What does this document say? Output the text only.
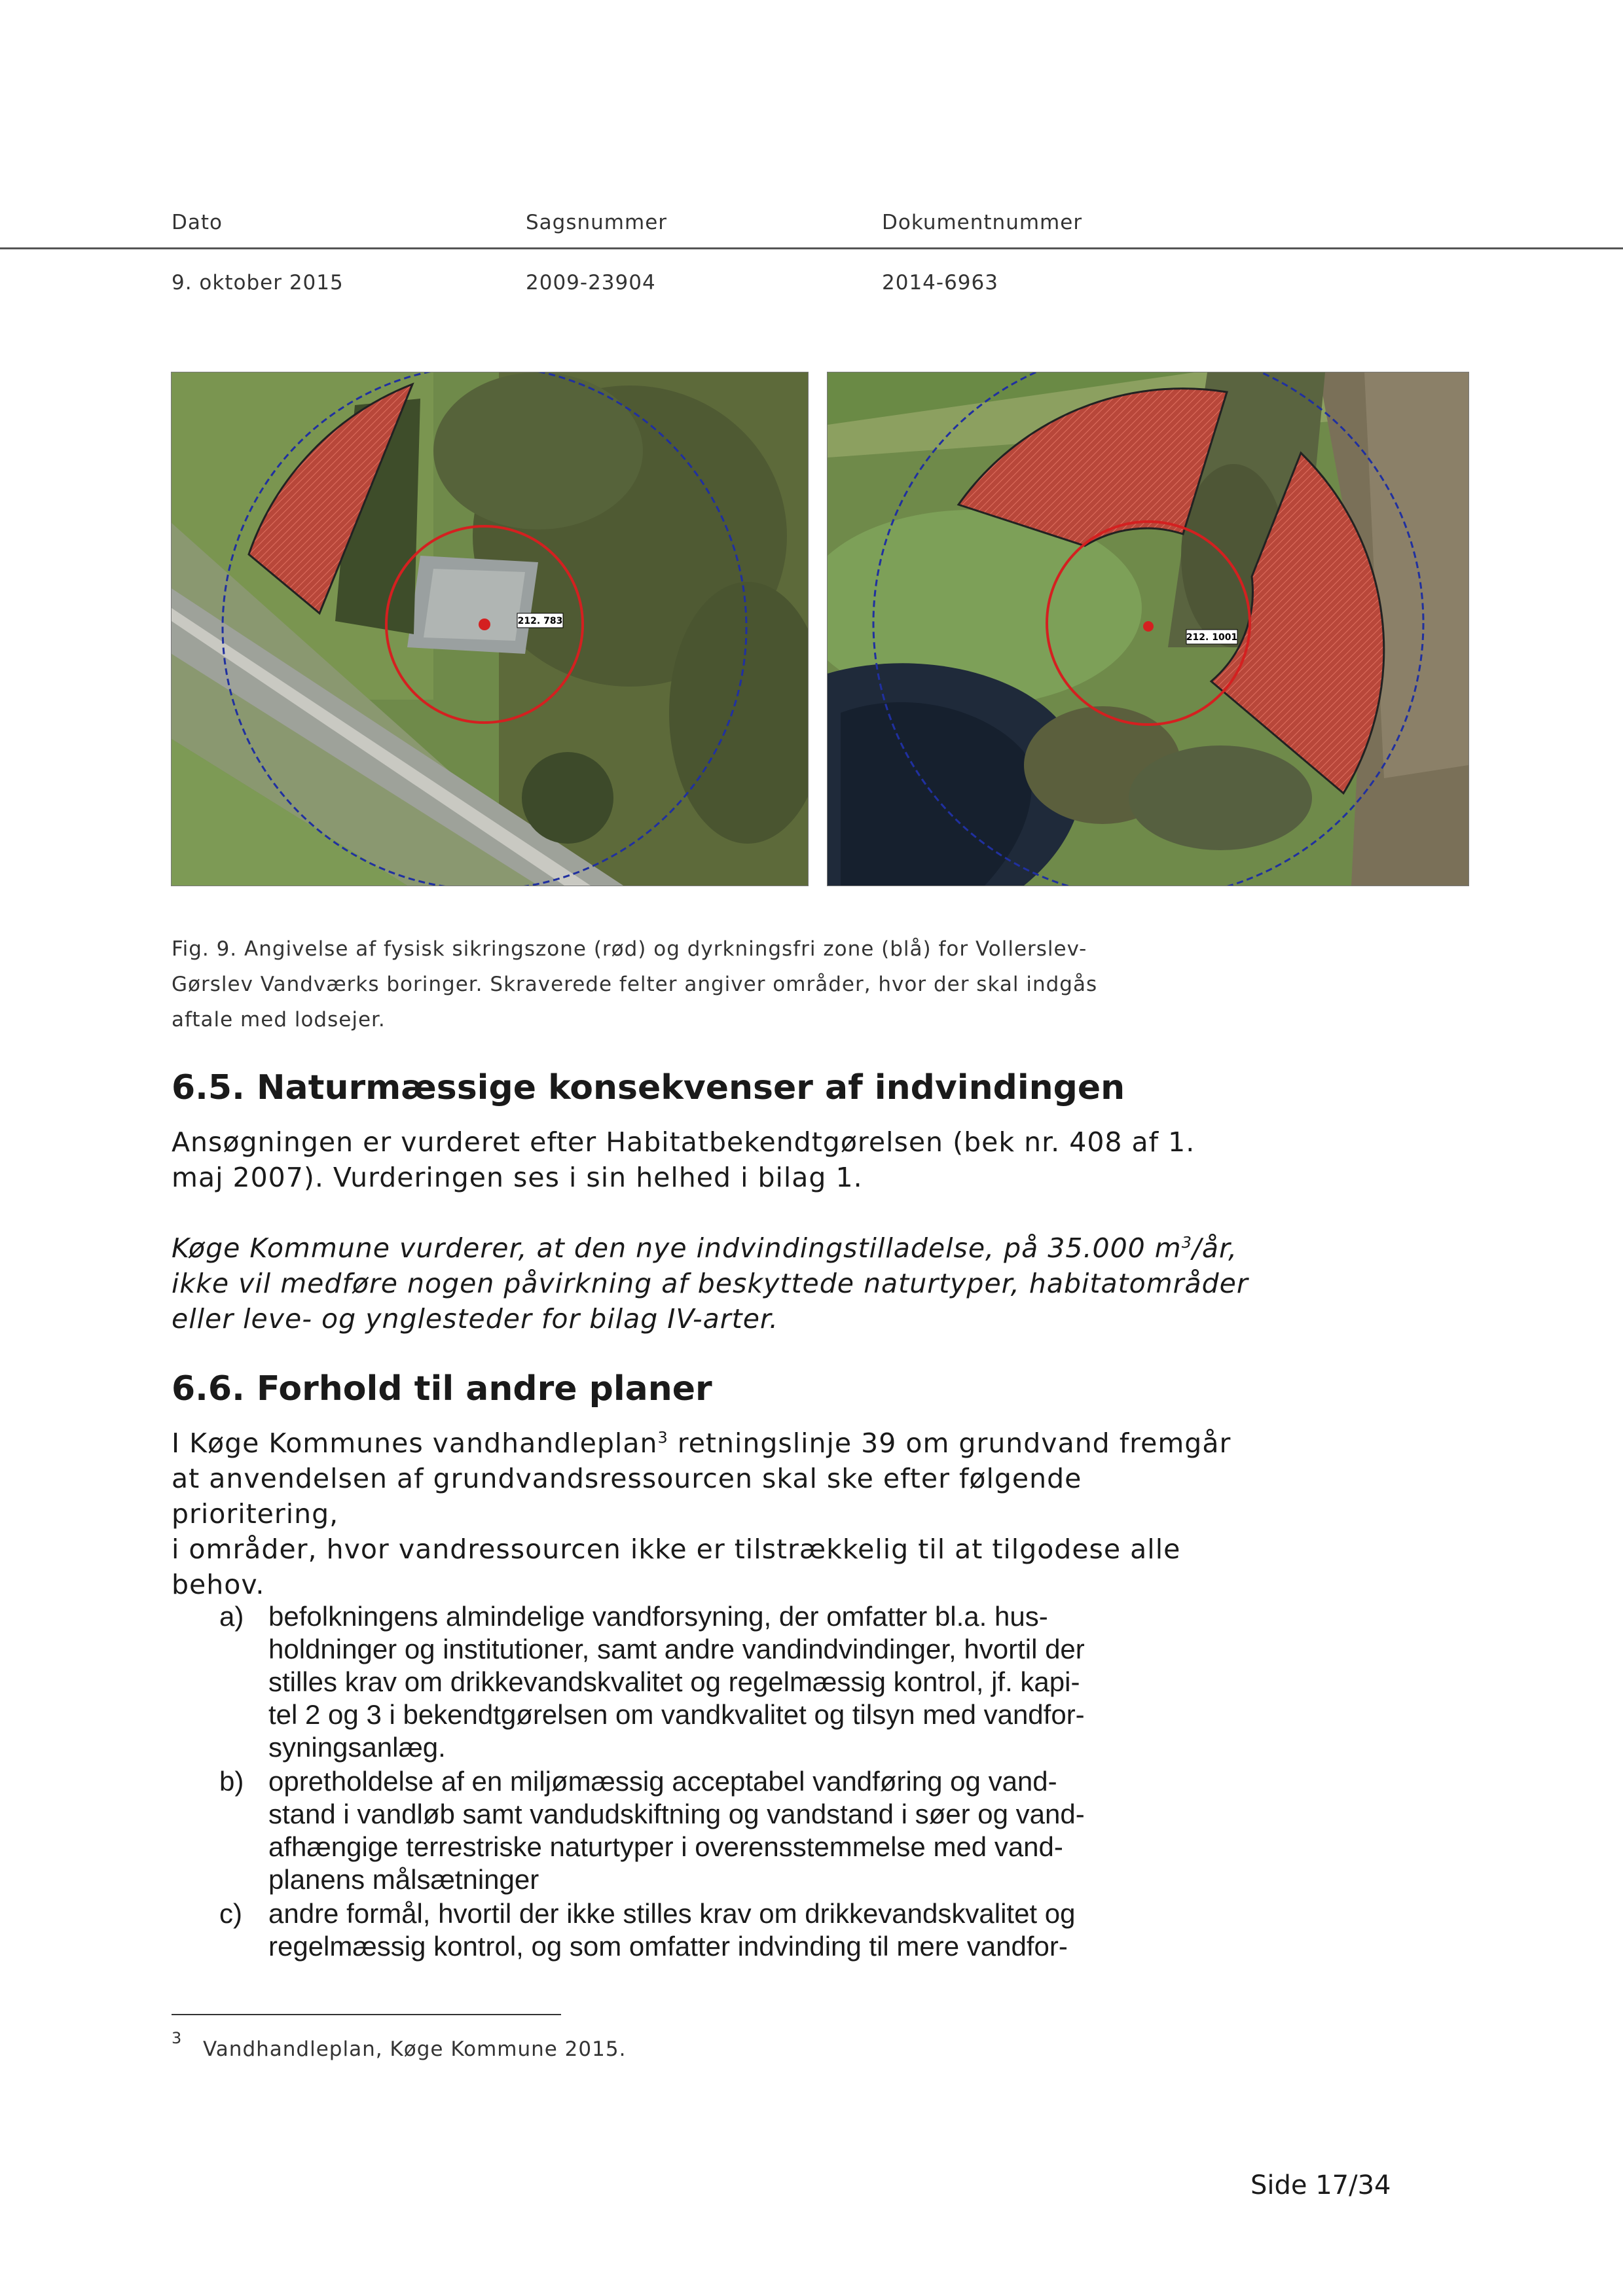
Dato	Sagsnummer	Dokumentnummer
9. oktober 2015	2009-23904	2014-6963
212. 783
212. 1001
Fig. 9. Angivelse af fysisk sikringszone (rød) og dyrkningsfri zone (blå) for Vollerslev-
Gørslev Vandværks boringer. Skraverede felter angiver områder, hvor der skal indgås
aftale med lodsejer.
6.5. Naturmæssige konsekvenser af indvindingen
Ansøgningen er vurderet efter Habitatbekendtgørelsen (bek nr. 408 af 1.
maj 2007). Vurderingen ses i sin helhed i bilag 1.
Køge Kommune vurderer, at den nye indvindingstilladelse, på 35.000 $m^3/år$,
ikke vil medføre nogen påvirkning af beskyttede naturtyper, habitatområder
eller leve- og ynglesteder for bilag IV-arter.
6.6. Forhold til andre planer
I Køge Kommunes vandhandleplan$^3$ retningslinje 39 om grundvand fremgår
at anvendelsen af grundvandsressourcen skal ske efter følgende prioritering,
i områder, hvor vandressourcen ikke er tilstrækkelig til at tilgodese alle
behov.
a) befolkningens almindelige vandforsyning, der omfatter bl.a. hus-
holdninger og institutioner, samt andre vandindvindinger, hvortil der
stilles krav om drikkevandskvalitet og regelmæssig kontrol, jf. kapi-
tel 2 og 3 i bekendtgørelsen om vandkvalitet og tilsyn med vandfor-
syningsanlæg.
b) opretholdelse af en miljømæssig acceptabel vandføring og vand-
stand i vandløb samt vandudskiftning og vandstand i søer og vand-
afhængige terrestriske naturtyper i overensstemmelse med vand-
planens målsætninger
c) andre formål, hvortil der ikke stilles krav om drikkevandskvalitet og
regelmæssig kontrol, og som omfatter indvinding til mere vandfor-
3 Vandhandleplan, Køge Kommune 2015.
Side 17/34
